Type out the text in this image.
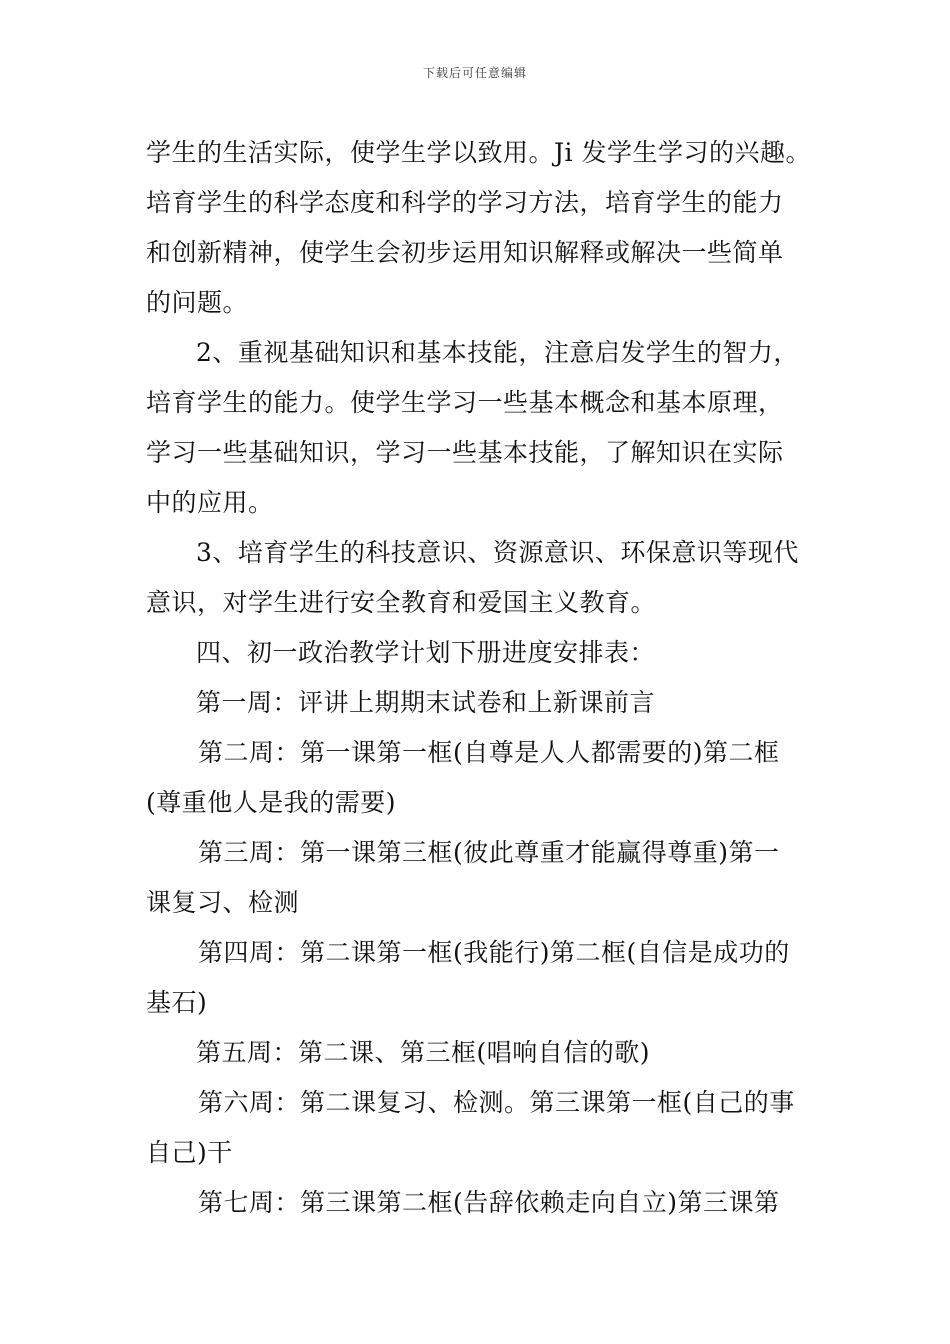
下载后可任意编辑

学生的生活实际，使学生学以致用。Ji 发学生学习的兴趣。
培育学生的科学态度和科学的学习方法，培育学生的能力
和创新精神，使学生会初步运用知识解释或解决一些简单
的问题。

2、重视基础知识和基本技能，注意启发学生的智力，

培育学生的能力。使学生学习一些基本概念和基本原理，
学习一些基础知识，学习一些基本技能，了解知识在实际
中的应用。

3、培育学生的科技意识、资源意识、环保意识等现代

意识，对学生进行安全教育和爱国主义教育。

四、初一政治教学计划下册进度安排表：

第一周：评讲上期期末试卷和上新课前言

第二周：第一课第一框(自尊是人人都需要的)第二框

(尊重他人是我的需要)

第三周：第一课第三框(彼此尊重才能赢得尊重)第一

课复习、检测

第四周：第二课第一框(我能行)第二框(自信是成功的

基石)

第五周：第二课、第三框(唱响自信的歌)

第六周：第二课复习、检测。第三课第一框(自己的事

自己)干

第七周：第三课第二框(告辞依赖走向自立)第三课第
